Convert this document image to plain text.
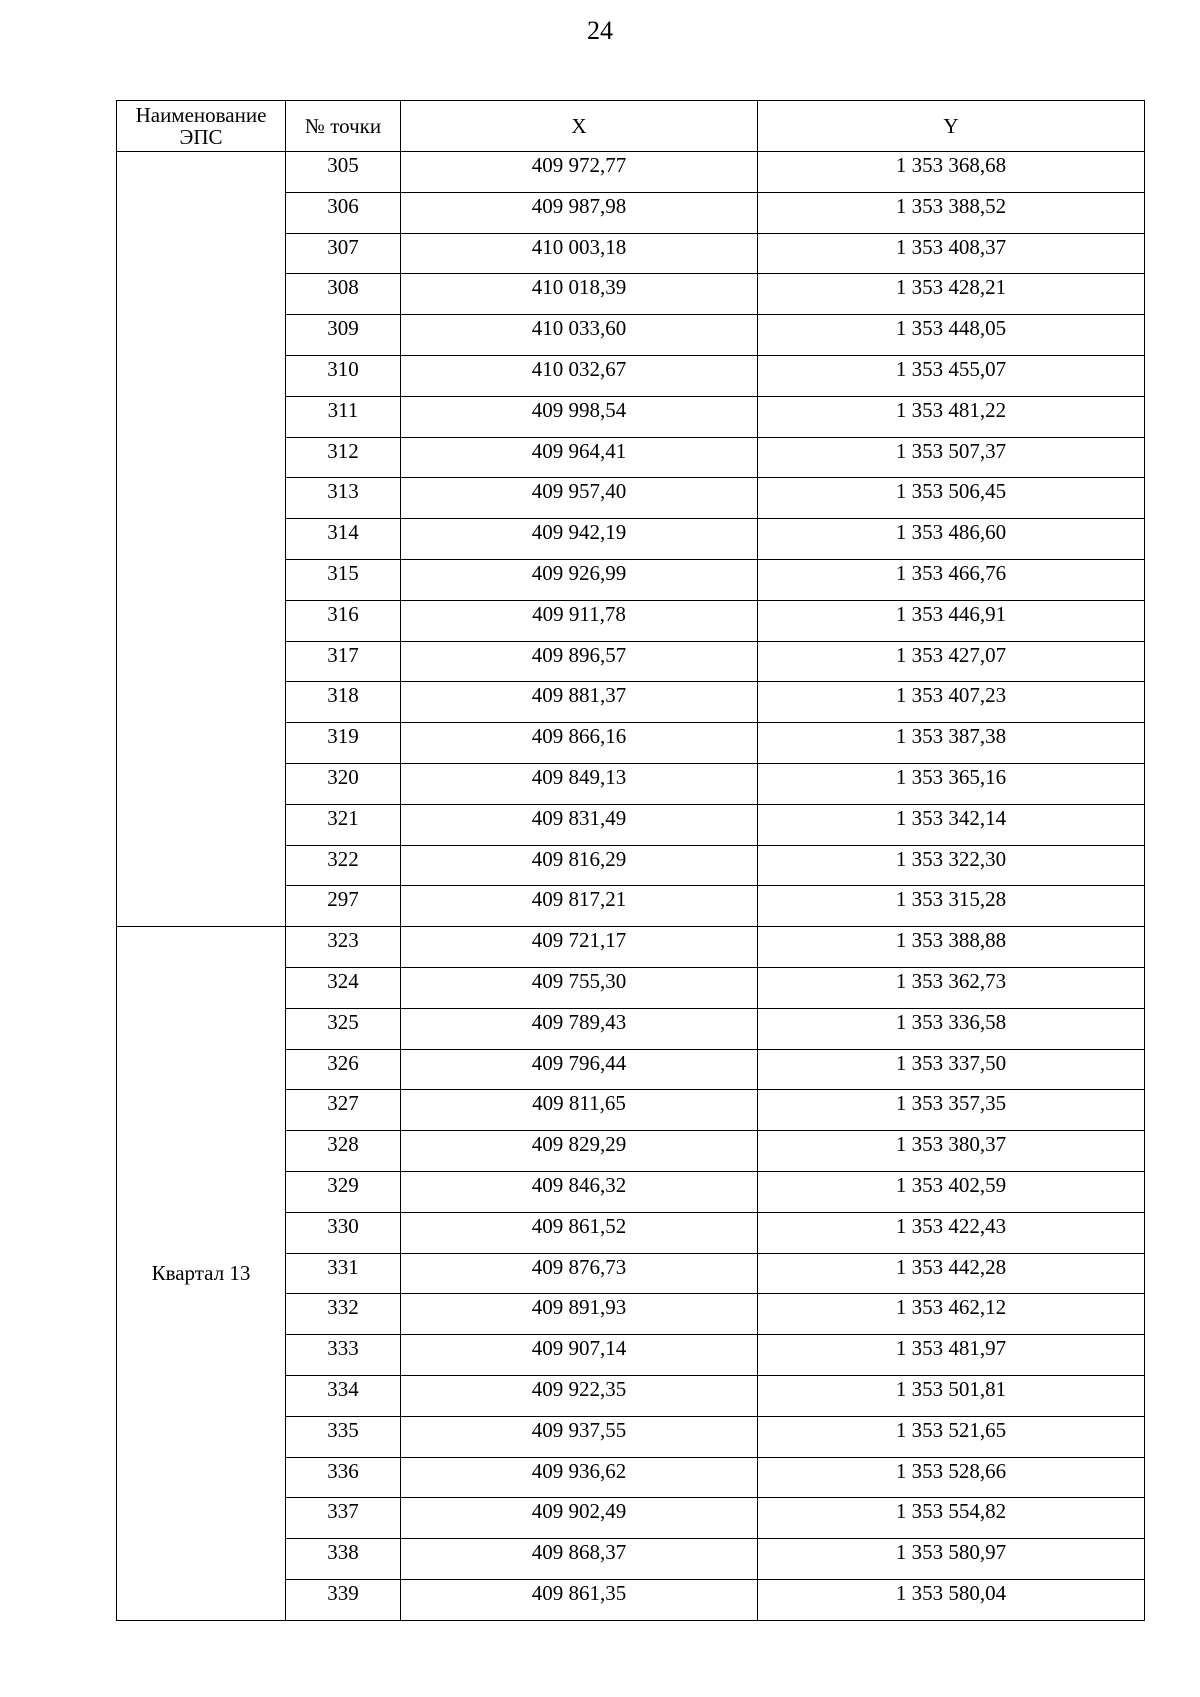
24
Наименование ЭПС	№ точки	X	Y
	305	409 972,77	1 353 368,68
	306	409 987,98	1 353 388,52
	307	410 003,18	1 353 408,37
	308	410 018,39	1 353 428,21
	309	410 033,60	1 353 448,05
	310	410 032,67	1 353 455,07
	311	409 998,54	1 353 481,22
	312	409 964,41	1 353 507,37
	313	409 957,40	1 353 506,45
	314	409 942,19	1 353 486,60
	315	409 926,99	1 353 466,76
	316	409 911,78	1 353 446,91
	317	409 896,57	1 353 427,07
	318	409 881,37	1 353 407,23
	319	409 866,16	1 353 387,38
	320	409 849,13	1 353 365,16
	321	409 831,49	1 353 342,14
	322	409 816,29	1 353 322,30
	297	409 817,21	1 353 315,28
Квартал 13	323	409 721,17	1 353 388,88
	324	409 755,30	1 353 362,73
	325	409 789,43	1 353 336,58
	326	409 796,44	1 353 337,50
	327	409 811,65	1 353 357,35
	328	409 829,29	1 353 380,37
	329	409 846,32	1 353 402,59
	330	409 861,52	1 353 422,43
	331	409 876,73	1 353 442,28
	332	409 891,93	1 353 462,12
	333	409 907,14	1 353 481,97
	334	409 922,35	1 353 501,81
	335	409 937,55	1 353 521,65
	336	409 936,62	1 353 528,66
	337	409 902,49	1 353 554,82
	338	409 868,37	1 353 580,97
	339	409 861,35	1 353 580,04
